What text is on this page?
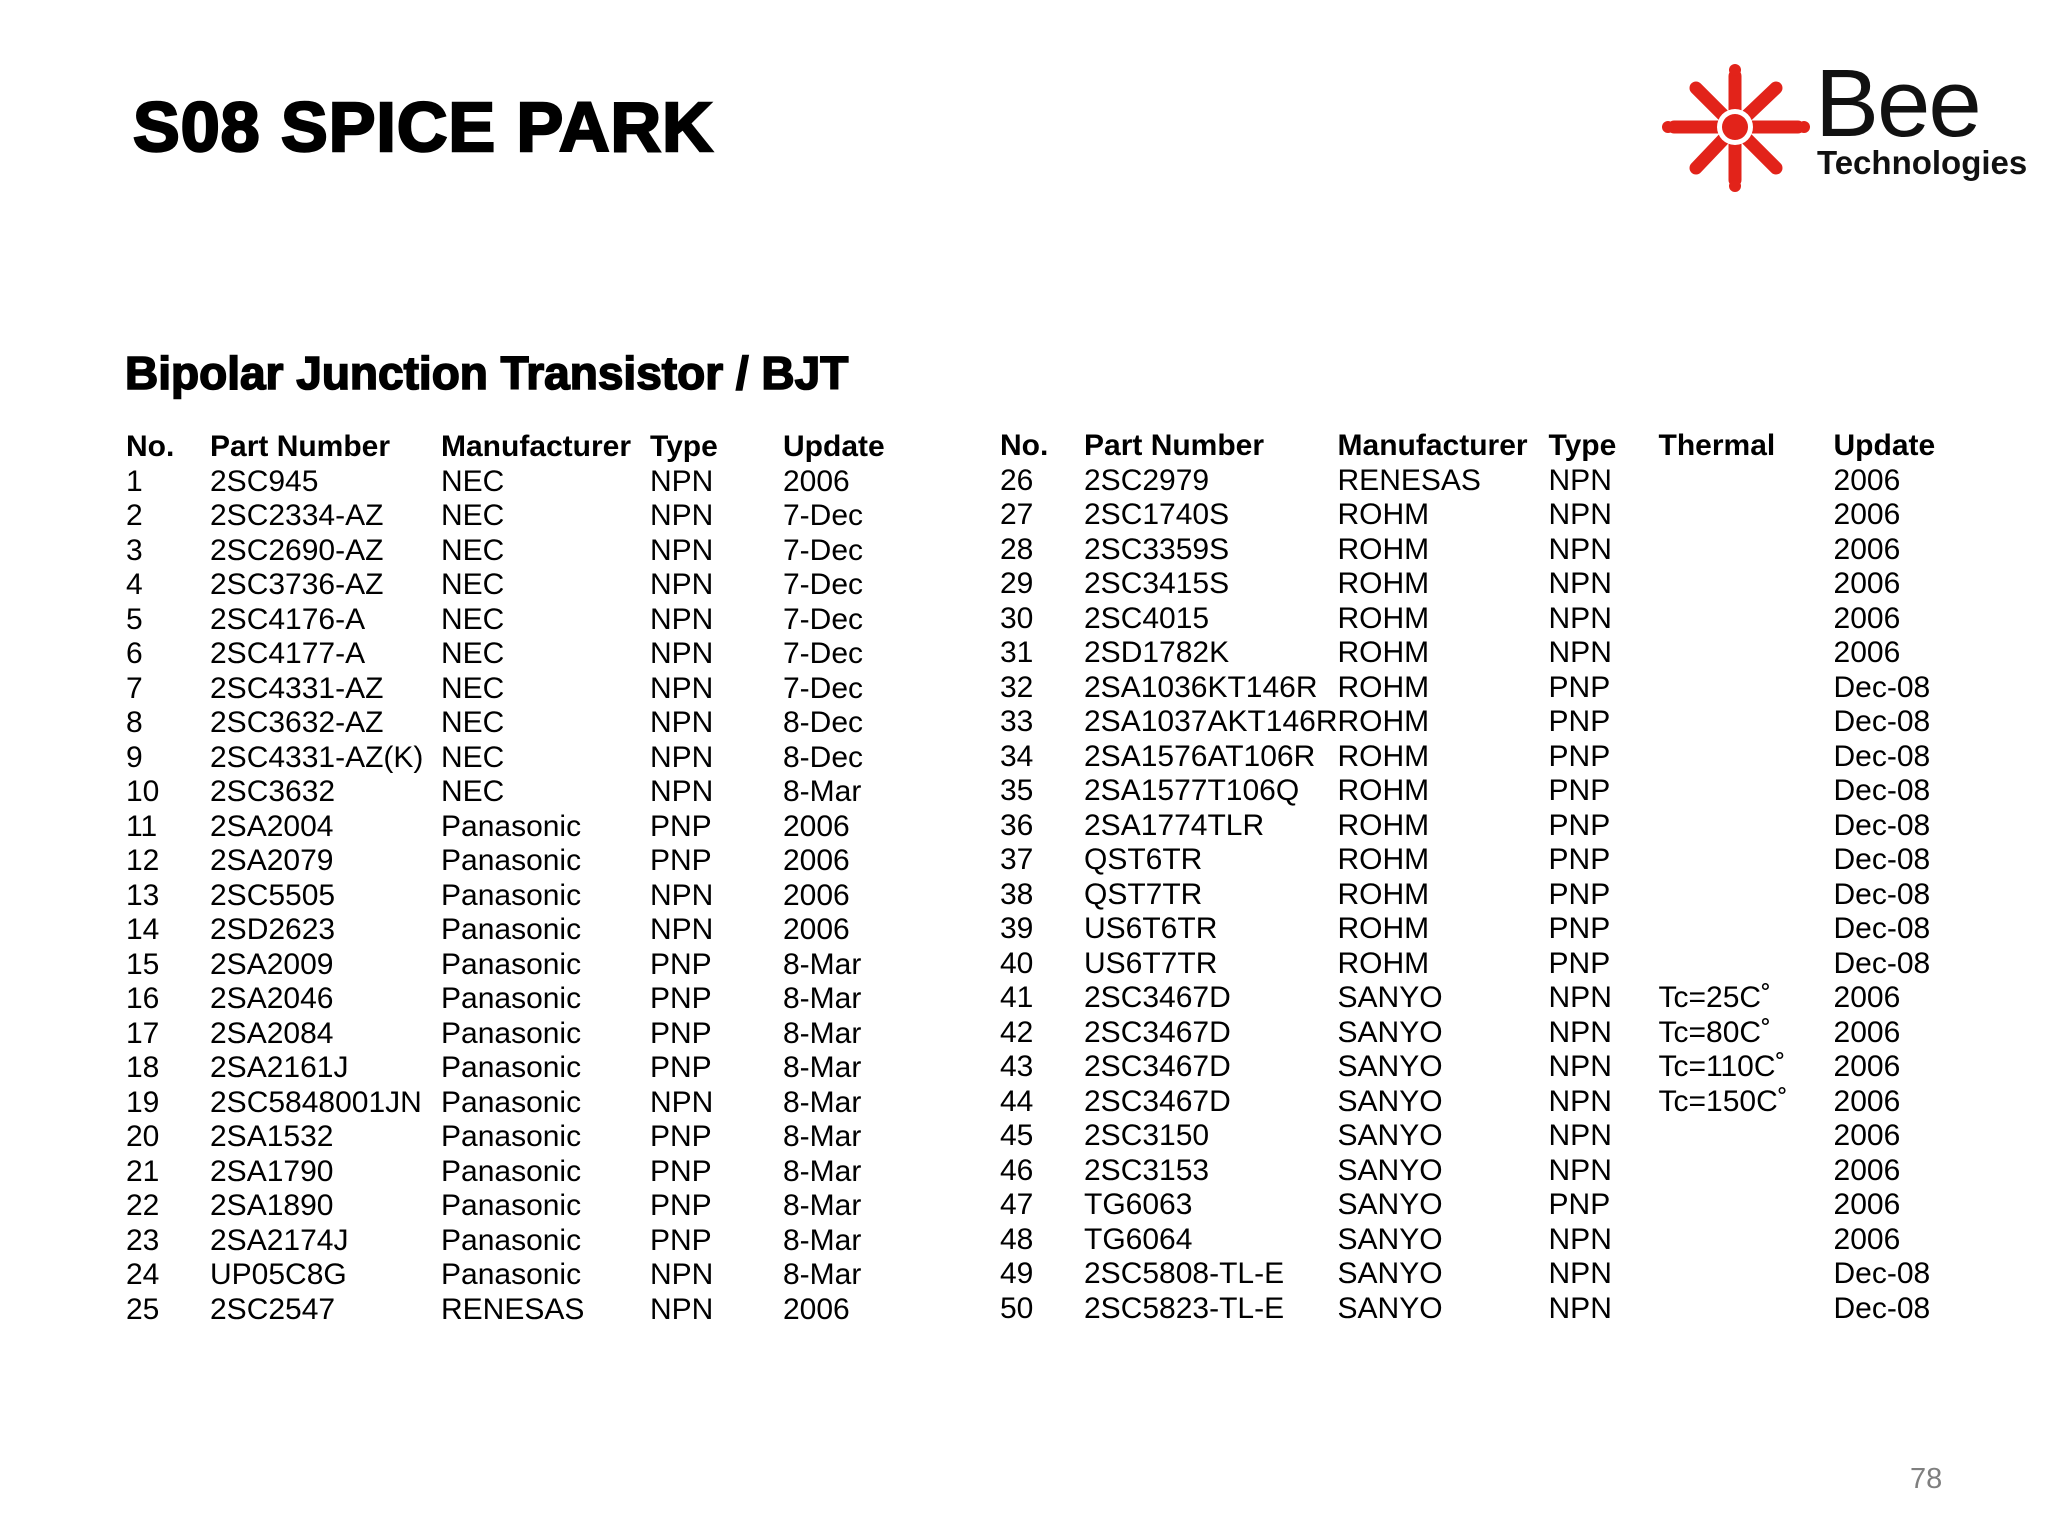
S08 SPICE PARK	Bee
Technologies
Bipolar Junction Transistor / BJT
No.	Part Number	Manufacturer	Type	Update
1	2SC945	NEC	NPN	2006
2	2SC2334-AZ	NEC	NPN	7-Dec
3	2SC2690-AZ	NEC	NPN	7-Dec
4	2SC3736-AZ	NEC	NPN	7-Dec
5	2SC4176-A	NEC	NPN	7-Dec
6	2SC4177-A	NEC	NPN	7-Dec
7	2SC4331-AZ	NEC	NPN	7-Dec
8	2SC3632-AZ	NEC	NPN	8-Dec
9	2SC4331-AZ(K)	NEC	NPN	8-Dec
10	2SC3632	NEC	NPN	8-Mar
11	2SA2004	Panasonic	PNP	2006
12	2SA2079	Panasonic	PNP	2006
13	2SC5505	Panasonic	NPN	2006
14	2SD2623	Panasonic	NPN	2006
15	2SA2009	Panasonic	PNP	8-Mar
16	2SA2046	Panasonic	PNP	8-Mar
17	2SA2084	Panasonic	PNP	8-Mar
18	2SA2161J	Panasonic	PNP	8-Mar
19	2SC5848001JN	Panasonic	NPN	8-Mar
20	2SA1532	Panasonic	PNP	8-Mar
21	2SA1790	Panasonic	PNP	8-Mar
22	2SA1890	Panasonic	PNP	8-Mar
23	2SA2174J	Panasonic	PNP	8-Mar
24	UP05C8G	Panasonic	NPN	8-Mar
25	2SC2547	RENESAS	NPN	2006
No.	Part Number	Manufacturer	Type	Thermal	Update
26	2SC2979	RENESAS	NPN		2006
27	2SC1740S	ROHM	NPN		2006
28	2SC3359S	ROHM	NPN		2006
29	2SC3415S	ROHM	NPN		2006
30	2SC4015	ROHM	NPN		2006
31	2SD1782K	ROHM	NPN		2006
32	2SA1036KT146R	ROHM	PNP		Dec-08
33	2SA1037AKT146R	ROHM	PNP		Dec-08
34	2SA1576AT106R	ROHM	PNP		Dec-08
35	2SA1577T106Q	ROHM	PNP		Dec-08
36	2SA1774TLR	ROHM	PNP		Dec-08
37	QST6TR	ROHM	PNP		Dec-08
38	QST7TR	ROHM	PNP		Dec-08
39	US6T6TR	ROHM	PNP		Dec-08
40	US6T7TR	ROHM	PNP		Dec-08
41	2SC3467D	SANYO	NPN	Tc=25C˚	2006
42	2SC3467D	SANYO	NPN	Tc=80C˚	2006
43	2SC3467D	SANYO	NPN	Tc=110C˚	2006
44	2SC3467D	SANYO	NPN	Tc=150C˚	2006
45	2SC3150	SANYO	NPN		2006
46	2SC3153	SANYO	NPN		2006
47	TG6063	SANYO	PNP		2006
48	TG6064	SANYO	NPN		2006
49	2SC5808-TL-E	SANYO	NPN		Dec-08
50	2SC5823-TL-E	SANYO	NPN		Dec-08
78
